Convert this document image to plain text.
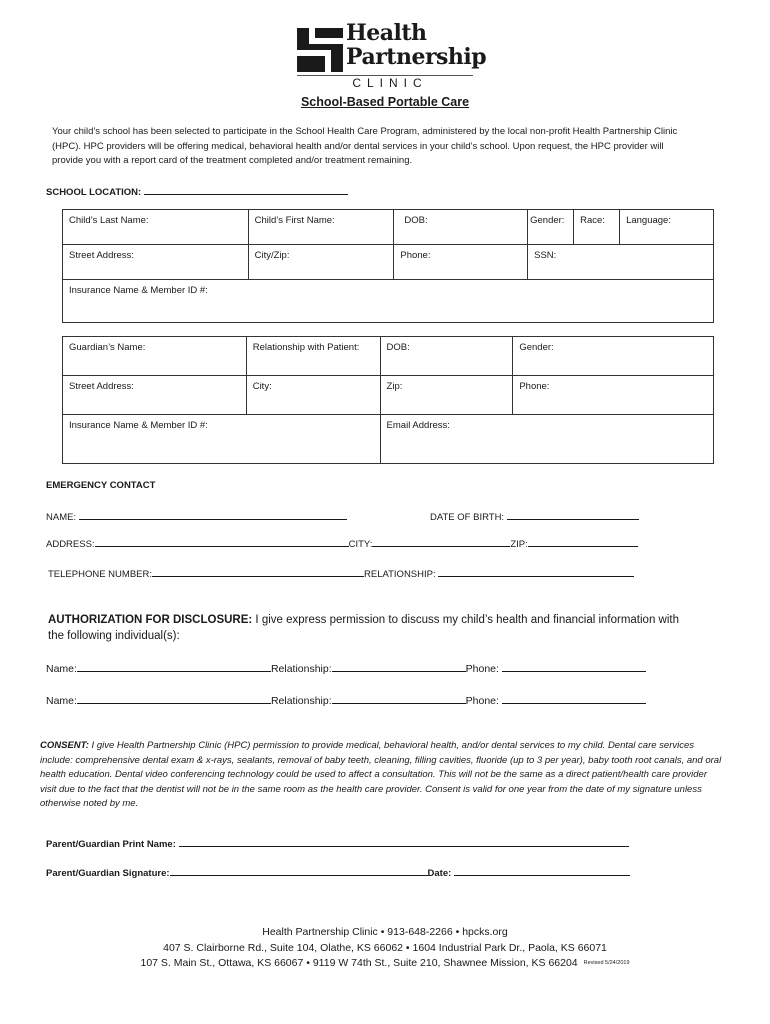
Health
Partnership
CLINIC
School-Based Portable Care
Your child’s school has been selected to participate in the School Health Care Program, administered by the local non-profit Health Partnership Clinic (HPC). HPC providers will be offering medical, behavioral health and/or dental services in your child’s school. Upon request, the HPC provider will provide you with a report card of the treatment completed and/or treatment remaining.
SCHOOL LOCATION:
Child’s Last Name:	Child’s First Name:	DOB:	Gender:	Race:	Language:
Street Address:	City/Zip:	Phone:	SSN:		
Insurance Name & Member ID #:					
Guardian’s Name:	Relationship with Patient:	DOB:	Gender:
Street Address:	City:	Zip:	Phone:
Insurance Name & Member ID #:		Email Address:	
EMERGENCY CONTACT
NAME:	DATE OF BIRTH:
ADDRESS:	CITY:	ZIP:
TELEPHONE NUMBER:	RELATIONSHIP:
AUTHORIZATION FOR DISCLOSURE: I give express permission to discuss my child’s health and financial information with the following individual(s):
Name:	Relationship:	Phone:
Name:	Relationship:	Phone:
CONSENT: I give Health Partnership Clinic (HPC) permission to provide medical, behavioral health, and/or dental services to my child. Dental care services include: comprehensive dental exam & x-rays, sealants, removal of baby teeth, cleaning, filling cavities, fluoride (up to 3 per year), baby tooth root canals, and oral health education. Dental video conferencing technology could be used to affect a consultation. This will not be the same as a direct patient/health care provider visit due to the fact that the dentist will not be in the same room as the health care provider. Consent is valid for one year from the date of my signature unless otherwise noted by me.
Parent/Guardian Print Name:
Parent/Guardian Signature:	Date:
Health Partnership Clinic • 913-648-2266 • hpcks.org
407 S. Clairborne Rd., Suite 104, Olathe, KS 66062 • 1604 Industrial Park Dr., Paola, KS 66071
107 S. Main St., Ottawa, KS 66067 • 9119 W 74th St., Suite 210, Shawnee Mission, KS 66204 Revised 5/24/2019
